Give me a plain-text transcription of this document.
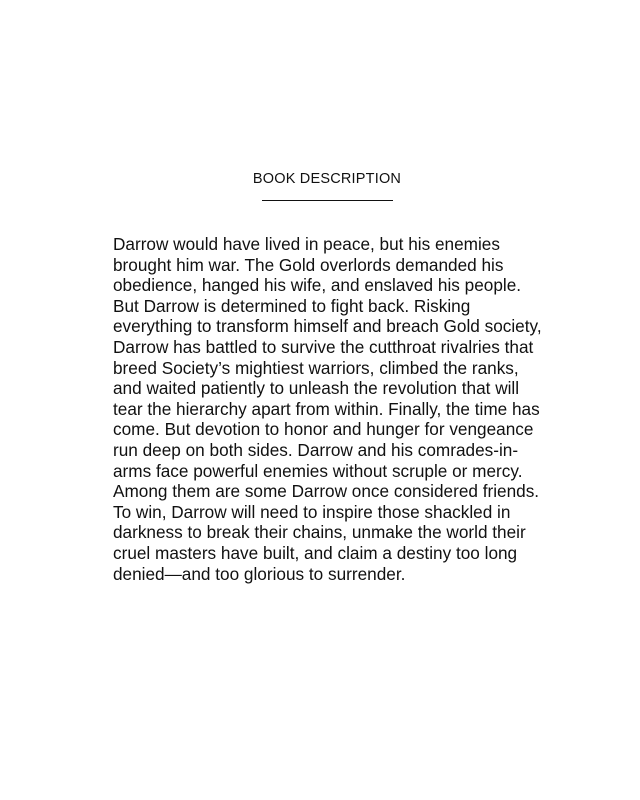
BOOK DESCRIPTION

Darrow would have lived in peace, but his enemies brought him war. The Gold overlords demanded his obedience, hanged his wife, and enslaved his people. But Darrow is determined to fight back. Risking everything to transform himself and breach Gold society, Darrow has battled to survive the cutthroat rivalries that breed Society’s mightiest warriors, climbed the ranks, and waited patiently to unleash the revolution that will tear the hierarchy apart from within. Finally, the time has come. But devotion to honor and hunger for vengeance run deep on both sides. Darrow and his comrades-in-arms face powerful enemies without scruple or mercy. Among them are some Darrow once considered friends. To win, Darrow will need to inspire those shackled in darkness to break their chains, unmake the world their cruel masters have built, and claim a destiny too long denied—and too glorious to surrender.
